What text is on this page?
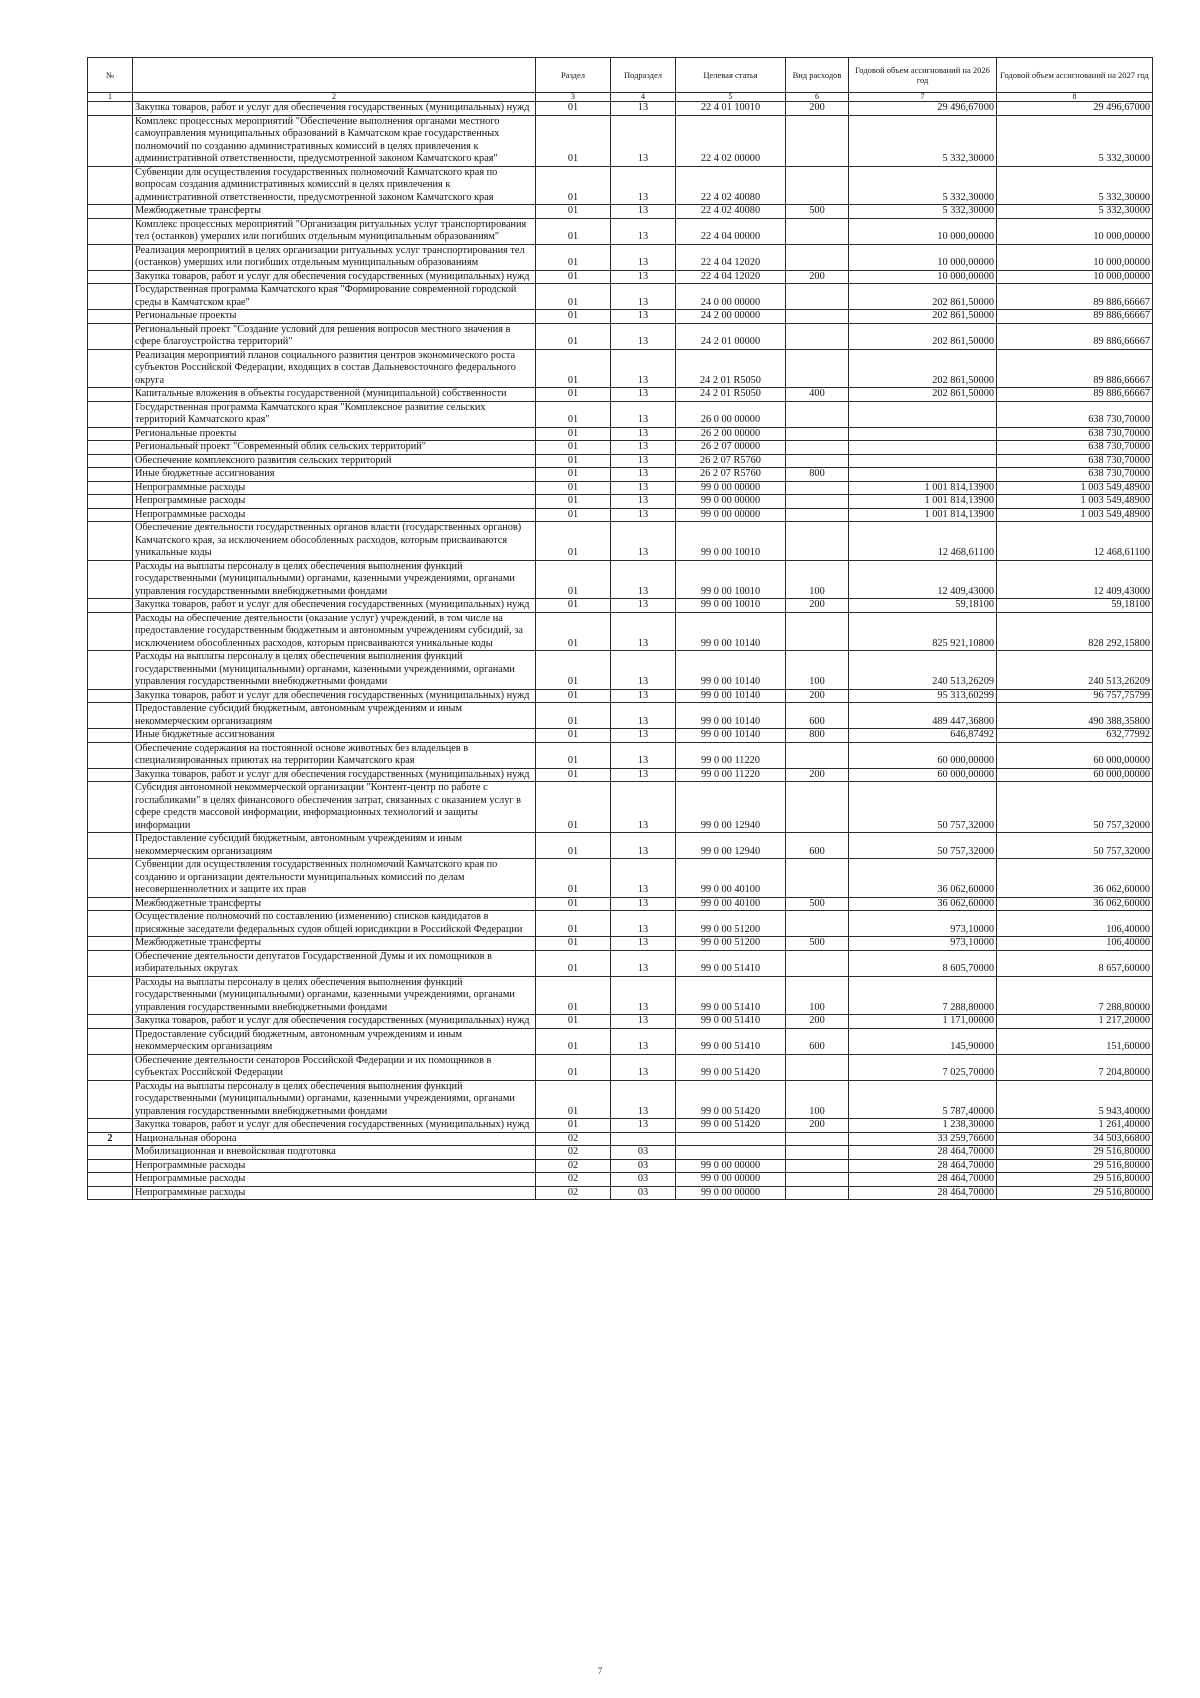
№		Раздел	Подраздел	Целевая статья	Вид расходов	Годовой объем ассигнований на 2026 год	Годовой объем ассигнований на 2027 год
1	2	3	4	5	6	7	8
	Закупка товаров, работ и услуг для обеспечения государственных (муниципальных) нужд	01	13	22 4 01 10010	200	29 496,67000	29 496,67000
	Комплекс процессных мероприятий "Обеспечение выполнения органами местного самоуправления муниципальных образований в Камчатском крае государственных полномочий по созданию административных комиссий в целях привлечения к административной ответственности, предусмотренной законом Камчатского края"	01	13	22 4 02 00000		5 332,30000	5 332,30000
	Субвенции для осуществления государственных полномочий Камчатского края по вопросам создания административных комиссий в целях привлечения к административной ответственности, предусмотренной законом Камчатского края	01	13	22 4 02 40080		5 332,30000	5 332,30000
	Межбюджетные трансферты	01	13	22 4 02 40080	500	5 332,30000	5 332,30000
	Комплекс процессных мероприятий "Организация ритуальных услуг транспортирования тел (останков) умерших или погибших отдельным муниципальным образованиям"	01	13	22 4 04 00000		10 000,00000	10 000,00000
	Реализация мероприятий в целях организации ритуальных услуг транспортирования тел (останков) умерших или погибших отдельным муниципальным образованиям	01	13	22 4 04 12020		10 000,00000	10 000,00000
	Закупка товаров, работ и услуг для обеспечения государственных (муниципальных) нужд	01	13	22 4 04 12020	200	10 000,00000	10 000,00000
	Государственная программа Камчатского края "Формирование современной городской среды в Камчатском крае"	01	13	24 0 00 00000		202 861,50000	89 886,66667
	Региональные проекты	01	13	24 2 00 00000		202 861,50000	89 886,66667
	Региональный проект "Создание условий для решения вопросов местного значения в сфере благоустройства территорий"	01	13	24 2 01 00000		202 861,50000	89 886,66667
	Реализация мероприятий планов социального развития центров экономического роста субъектов Российской Федерации, входящих в состав Дальневосточного федерального округа	01	13	24 2 01 R5050		202 861,50000	89 886,66667
	Капитальные вложения в объекты государственной (муниципальной) собственности	01	13	24 2 01 R5050	400	202 861,50000	89 886,66667
	Государственная программа Камчатского края "Комплексное развитие сельских территорий Камчатского края"	01	13	26 0 00 00000			638 730,70000
	Региональные проекты	01	13	26 2 00 00000			638 730,70000
	Региональный проект "Современный облик сельских территорий"	01	13	26 2 07 00000			638 730,70000
	Обеспечение комплексного развития сельских территорий	01	13	26 2 07 R5760			638 730,70000
	Иные бюджетные ассигнования	01	13	26 2 07 R5760	800		638 730,70000
	Непрограммные расходы	01	13	99 0 00 00000		1 001 814,13900	1 003 549,48900
	Непрограммные расходы	01	13	99 0 00 00000		1 001 814,13900	1 003 549,48900
	Непрограммные расходы	01	13	99 0 00 00000		1 001 814,13900	1 003 549,48900
	Обеспечение деятельности государственных органов власти (государственных органов) Камчатского края, за исключением обособленных расходов, которым присваиваются уникальные коды	01	13	99 0 00 10010		12 468,61100	12 468,61100
	Расходы на выплаты персоналу в целях обеспечения выполнения функций государственными (муниципальными) органами, казенными учреждениями, органами управления государственными внебюджетными фондами	01	13	99 0 00 10010	100	12 409,43000	12 409,43000
	Закупка товаров, работ и услуг для обеспечения государственных (муниципальных) нужд	01	13	99 0 00 10010	200	59,18100	59,18100
	Расходы на обеспечение деятельности (оказание услуг) учреждений, в том числе на предоставление государственным бюджетным и автономным учреждениям субсидий, за исключением обособленных расходов, которым присваиваются уникальные коды	01	13	99 0 00 10140		825 921,10800	828 292,15800
	Расходы на выплаты персоналу в целях обеспечения выполнения функций государственными (муниципальными) органами, казенными учреждениями, органами управления государственными внебюджетными фондами	01	13	99 0 00 10140	100	240 513,26209	240 513,26209
	Закупка товаров, работ и услуг для обеспечения государственных (муниципальных) нужд	01	13	99 0 00 10140	200	95 313,60299	96 757,75799
	Предоставление субсидий бюджетным, автономным учреждениям и иным некоммерческим организациям	01	13	99 0 00 10140	600	489 447,36800	490 388,35800
	Иные бюджетные ассигнования	01	13	99 0 00 10140	800	646,87492	632,77992
	Обеспечение содержания на постоянной основе животных без владельцев в специализированных приютах на территории Камчатского края	01	13	99 0 00 11220		60 000,00000	60 000,00000
	Закупка товаров, работ и услуг для обеспечения государственных (муниципальных) нужд	01	13	99 0 00 11220	200	60 000,00000	60 000,00000
	Субсидия автономной некоммерческой организации "Контент-центр по работе с госпабликами" в целях финансового обеспечения затрат, связанных с оказанием услуг в сфере средств массовой информации, информационных технологий и защиты информации	01	13	99 0 00 12940		50 757,32000	50 757,32000
	Предоставление субсидий бюджетным, автономным учреждениям и иным некоммерческим организациям	01	13	99 0 00 12940	600	50 757,32000	50 757,32000
	Субвенции для осуществления государственных полномочий Камчатского края по созданию и организации деятельности муниципальных комиссий по делам несовершеннолетних и защите их прав	01	13	99 0 00 40100		36 062,60000	36 062,60000
	Межбюджетные трансферты	01	13	99 0 00 40100	500	36 062,60000	36 062,60000
	Осуществление полномочий по составлению (изменению) списков кандидатов в присяжные заседатели федеральных судов общей юрисдикции в Российской Федерации	01	13	99 0 00 51200		973,10000	106,40000
	Межбюджетные трансферты	01	13	99 0 00 51200	500	973,10000	106,40000
	Обеспечение деятельности депутатов Государственной Думы и их помощников в избирательных округах	01	13	99 0 00 51410		8 605,70000	8 657,60000
	Расходы на выплаты персоналу в целях обеспечения выполнения функций государственными (муниципальными) органами, казенными учреждениями, органами управления государственными внебюджетными фондами	01	13	99 0 00 51410	100	7 288,80000	7 288,80000
	Закупка товаров, работ и услуг для обеспечения государственных (муниципальных) нужд	01	13	99 0 00 51410	200	1 171,00000	1 217,20000
	Предоставление субсидий бюджетным, автономным учреждениям и иным некоммерческим организациям	01	13	99 0 00 51410	600	145,90000	151,60000
	Обеспечение деятельности сенаторов Российской Федерации и их помощников в субъектах Российской Федерации	01	13	99 0 00 51420		7 025,70000	7 204,80000
	Расходы на выплаты персоналу в целях обеспечения выполнения функций государственными (муниципальными) органами, казенными учреждениями, органами управления государственными внебюджетными фондами	01	13	99 0 00 51420	100	5 787,40000	5 943,40000
	Закупка товаров, работ и услуг для обеспечения государственных (муниципальных) нужд	01	13	99 0 00 51420	200	1 238,30000	1 261,40000
2	Национальная оборона	02				33 259,76600	34 503,66800
	Мобилизационная и вневойсковая подготовка	02	03			28 464,70000	29 516,80000
	Непрограммные расходы	02	03	99 0 00 00000		28 464,70000	29 516,80000
	Непрограммные расходы	02	03	99 0 00 00000		28 464,70000	29 516,80000
	Непрограммные расходы	02	03	99 0 00 00000		28 464,70000	29 516,80000
7
